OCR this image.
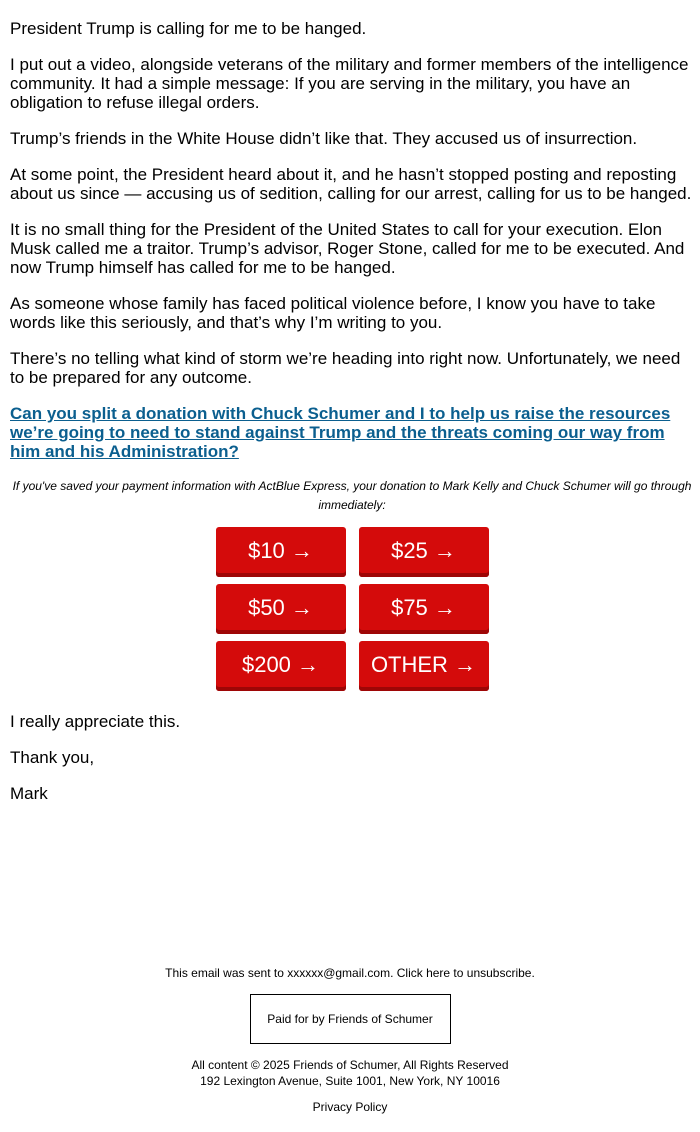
President Trump is calling for me to be hanged.

I put out a video, alongside veterans of the military and former members of the intelligence community. It had a simple message: If you are serving in the military, you have an obligation to refuse illegal orders.

Trump’s friends in the White House didn’t like that. They accused us of insurrection.

At some point, the President heard about it, and he hasn’t stopped posting and reposting about us since — accusing us of sedition, calling for our arrest, calling for us to be hanged.

It is no small thing for the President of the United States to call for your execution. Elon Musk called me a traitor. Trump’s advisor, Roger Stone, called for me to be executed. And now Trump himself has called for me to be hanged.

As someone whose family has faced political violence before, I know you have to take words like this seriously, and that’s why I’m writing to you.

There’s no telling what kind of storm we’re heading into right now. Unfortunately, we need to be prepared for any outcome.

Can you split a donation with Chuck Schumer and I to help us raise the resources we’re going to need to stand against Trump and the threats coming our way from him and his Administration?

If you've saved your payment information with ActBlue Express, your donation to Mark Kelly and Chuck Schumer will go through immediately:

$10 →	$25 →
$50 →	$75 →
$200 →	OTHER →

I really appreciate this.

Thank you,

Mark

This email was sent to xxxxxx@gmail.com. Click here to unsubscribe.
Paid for by Friends of Schumer
All content © 2025 Friends of Schumer, All Rights Reserved
192 Lexington Avenue, Suite 1001, New York, NY 10016
Privacy Policy
